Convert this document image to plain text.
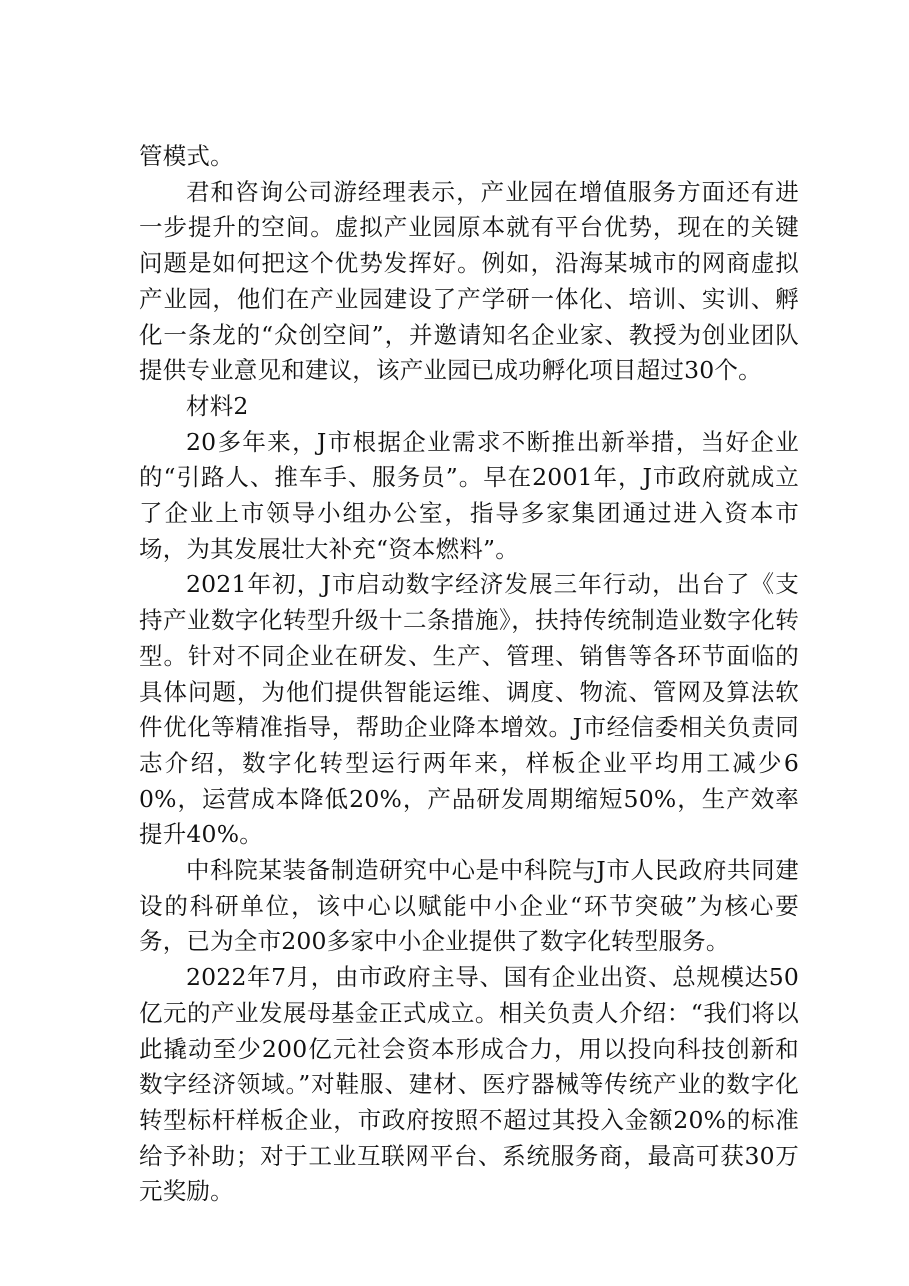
管模式。

君和咨询公司游经理表示，产业园在增值服务方面还有进一步提升的空间。虚拟产业园原本就有平台优势，现在的关键问题是如何把这个优势发挥好。例如，沿海某城市的网商虚拟产业园，他们在产业园建设了产学研一体化、培训、实训、孵化一条龙的“众创空间”，并邀请知名企业家、教授为创业团队提供专业意见和建议，该产业园已成功孵化项目超过30个。

材料2

20多年来，J市根据企业需求不断推出新举措，当好企业的“引路人、推车手、服务员”。早在2001年，J市政府就成立了企业上市领导小组办公室，指导多家集团通过进入资本市场，为其发展壮大补充“资本燃料”。

2021年初，J市启动数字经济发展三年行动，出台了《支持产业数字化转型升级十二条措施》，扶持传统制造业数字化转型。针对不同企业在研发、生产、管理、销售等各环节面临的具体问题，为他们提供智能运维、调度、物流、管网及算法软件优化等精准指导，帮助企业降本增效。J市经信委相关负责同志介绍，数字化转型运行两年来，样板企业平均用工减少60%，运营成本降低20%，产品研发周期缩短50%，生产效率提升40%。

中科院某装备制造研究中心是中科院与J市人民政府共同建设的科研单位，该中心以赋能中小企业“环节突破”为核心要务，已为全市200多家中小企业提供了数字化转型服务。

2022年7月，由市政府主导、国有企业出资、总规模达50亿元的产业发展母基金正式成立。相关负责人介绍：“我们将以此撬动至少200亿元社会资本形成合力，用以投向科技创新和数字经济领域。”对鞋服、建材、医疗器械等传统产业的数字化转型标杆样板企业，市政府按照不超过其投入金额20%的标准给予补助；对于工业互联网平台、系统服务商，最高可获30万元奖励。
